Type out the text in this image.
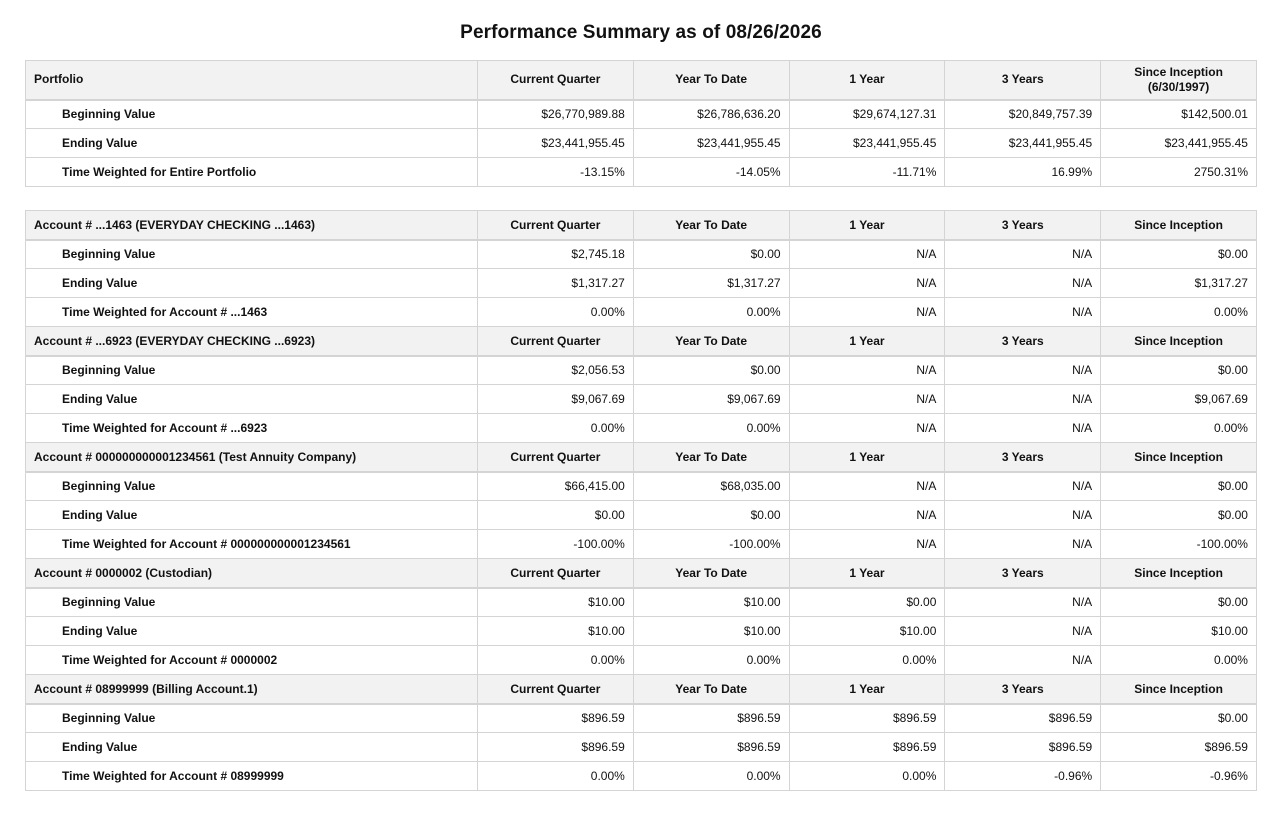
Performance Summary as of 08/26/2026
Portfolio	Current Quarter	Year To Date	1 Year	3 Years	Since Inception (6/30/1997)
Beginning Value	$26,770,989.88	$26,786,636.20	$29,674,127.31	$20,849,757.39	$142,500.01
Ending Value	$23,441,955.45	$23,441,955.45	$23,441,955.45	$23,441,955.45	$23,441,955.45
Time Weighted for Entire Portfolio	-13.15%	-14.05%	-11.71%	16.99%	2750.31%
Account # ...1463 (EVERYDAY CHECKING ...1463)	Current Quarter	Year To Date	1 Year	3 Years	Since Inception
Beginning Value	$2,745.18	$0.00	N/A	N/A	$0.00
Ending Value	$1,317.27	$1,317.27	N/A	N/A	$1,317.27
Time Weighted for Account # ...1463	0.00%	0.00%	N/A	N/A	0.00%
Account # ...6923 (EVERYDAY CHECKING ...6923)	Current Quarter	Year To Date	1 Year	3 Years	Since Inception
Beginning Value	$2,056.53	$0.00	N/A	N/A	$0.00
Ending Value	$9,067.69	$9,067.69	N/A	N/A	$9,067.69
Time Weighted for Account # ...6923	0.00%	0.00%	N/A	N/A	0.00%
Account # 000000000001234561 (Test Annuity Company)	Current Quarter	Year To Date	1 Year	3 Years	Since Inception
Beginning Value	$66,415.00	$68,035.00	N/A	N/A	$0.00
Ending Value	$0.00	$0.00	N/A	N/A	$0.00
Time Weighted for Account # 000000000001234561	-100.00%	-100.00%	N/A	N/A	-100.00%
Account # 0000002 (Custodian)	Current Quarter	Year To Date	1 Year	3 Years	Since Inception
Beginning Value	$10.00	$10.00	$0.00	N/A	$0.00
Ending Value	$10.00	$10.00	$10.00	N/A	$10.00
Time Weighted for Account # 0000002	0.00%	0.00%	0.00%	N/A	0.00%
Account # 08999999 (Billing Account.1)	Current Quarter	Year To Date	1 Year	3 Years	Since Inception
Beginning Value	$896.59	$896.59	$896.59	$896.59	$0.00
Ending Value	$896.59	$896.59	$896.59	$896.59	$896.59
Time Weighted for Account # 08999999	0.00%	0.00%	0.00%	-0.96%	-0.96%
